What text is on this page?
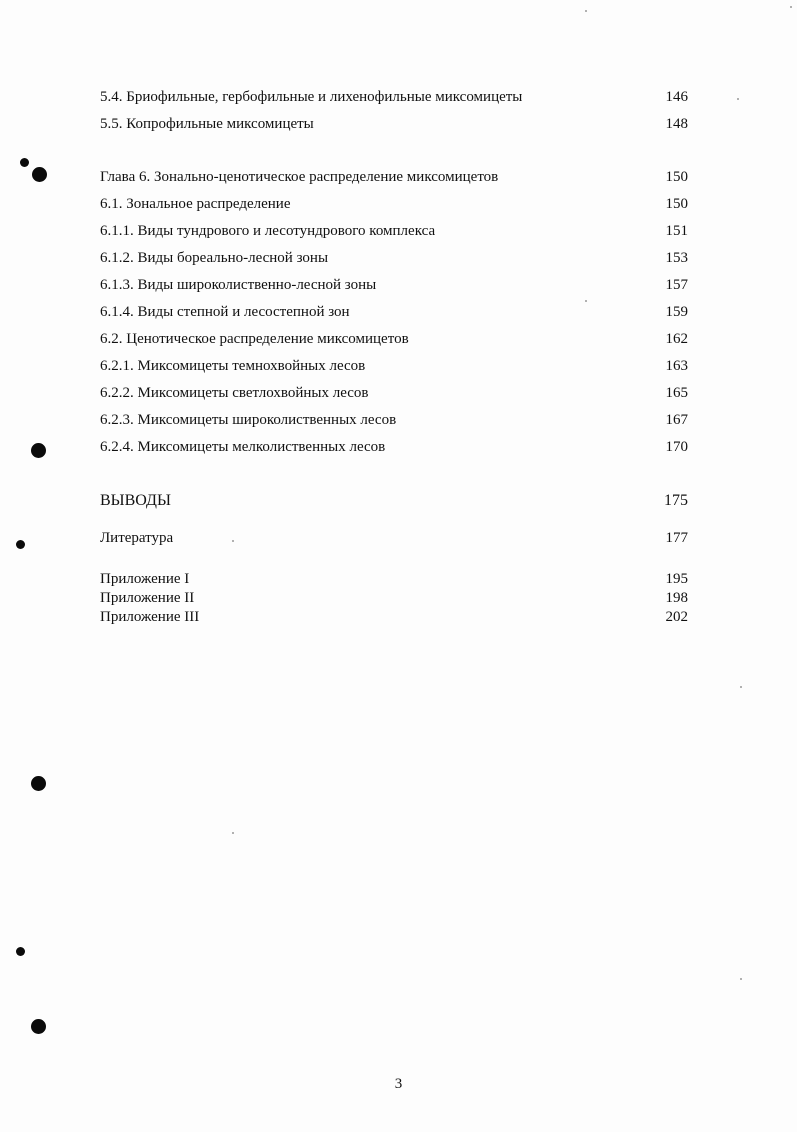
5.4. Бриофильные, гербофильные и лихенофильные миксомицеты	146
5.5. Копрофильные миксомицеты	148
Глава 6. Зонально-ценотическое распределение миксомицетов	150
6.1. Зональное распределение	150
6.1.1. Виды тундрового и лесотундрового комплекса	151
6.1.2. Виды бореально-лесной зоны	153
6.1.3. Виды широколиственно-лесной зоны	157
6.1.4. Виды степной и лесостепной зон	159
6.2. Ценотическое распределение миксомицетов	162
6.2.1. Миксомицеты темнохвойных лесов	163
6.2.2. Миксомицеты светлохвойных лесов	165
6.2.3. Миксомицеты широколиственных лесов	167
6.2.4. Миксомицеты мелколиственных лесов	170
ВЫВОДЫ	175
Литература	177
Приложение I	195
Приложение II	198
Приложение III	202
3
